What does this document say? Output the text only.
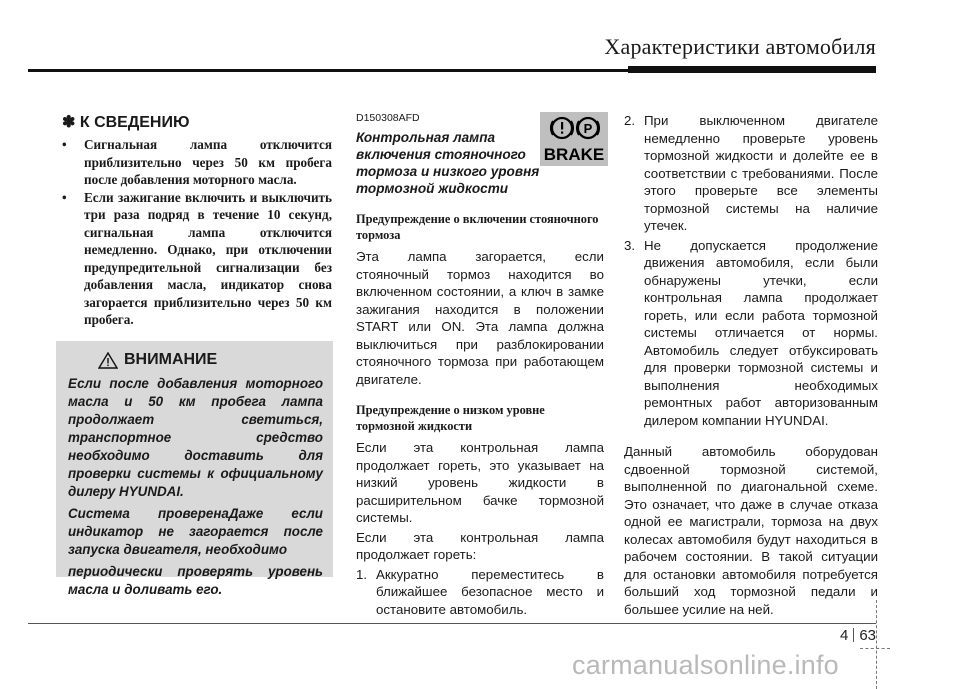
Характеристики автомобиля
✽ К СВЕДЕНИЮ
• Сигнальная лампа отключится приблизительно через 50 км пробега после добавления моторного масла.
• Если зажигание включить и выключить три раза подряд в течение 10 секунд, сигнальная лампа отключится немедленно. Однако, при отключении предупредительной сигнализации без добавления масла, индикатор снова загорается приблизительно через 50 км пробега.
ВНИМАНИЕ

Если после добавления моторного масла и 50 км пробега лампа продолжает светиться, транспортное средство необходимо доставить для проверки системы к официальному дилеру HYUNDAI.

Система проверенаДаже если индикатор не загорается после запуска двигателя, необходимо

периодически проверять уровень масла и доливать его.

D150308AFD

Контрольная лампа включения стояночного тормоза и низкого уровня тормозной жидкости

P
BRAKE
Предупреждение о включении стояночного тормоза

Эта лампа загорается, если стояночный тормоз находится во включенном состоянии, а ключ в замке зажигания находится в положении START или ON. Эта лампа должна выключиться при разблокировании стояночного тормоза при работающем двигателе.

Предупреждение о низком уровне тормозной жидкости

Если эта контрольная лампа продолжает гореть, это указывает на низкий уровень жидкости в расширительном бачке тормозной системы.

Если эта контрольная лампа продолжает гореть:

1. Аккуратно переместитесь в ближайшее безопасное место и остановите автомобиль.
2. При выключенном двигателе немедленно проверьте уровень тормозной жидкости и долейте ее в соответствии с требованиями. После этого проверьте все элементы тормозной системы на наличие утечек.
3. Не допускается продолжение движения автомобиля, если были обнаружены утечки, если контрольная лампа продолжает гореть, или если работа тормозной системы отличается от нормы. Автомобиль следует отбуксировать для проверки тормозной системы и выполнения необходимых ремонтных работ авторизованным дилером компании HYUNDAI.

Данный автомобиль оборудован сдвоенной тормозной системой, выполненной по диагональной схеме. Это означает, что даже в случае отказа одной ее магистрали, тормоза на двух колесах автомобиля будут находиться в рабочем состоянии. В такой ситуации для остановки автомобиля потребуется больший ход тормозной педали и большее усилие на ней.

4 63
carmanualsonline.info
